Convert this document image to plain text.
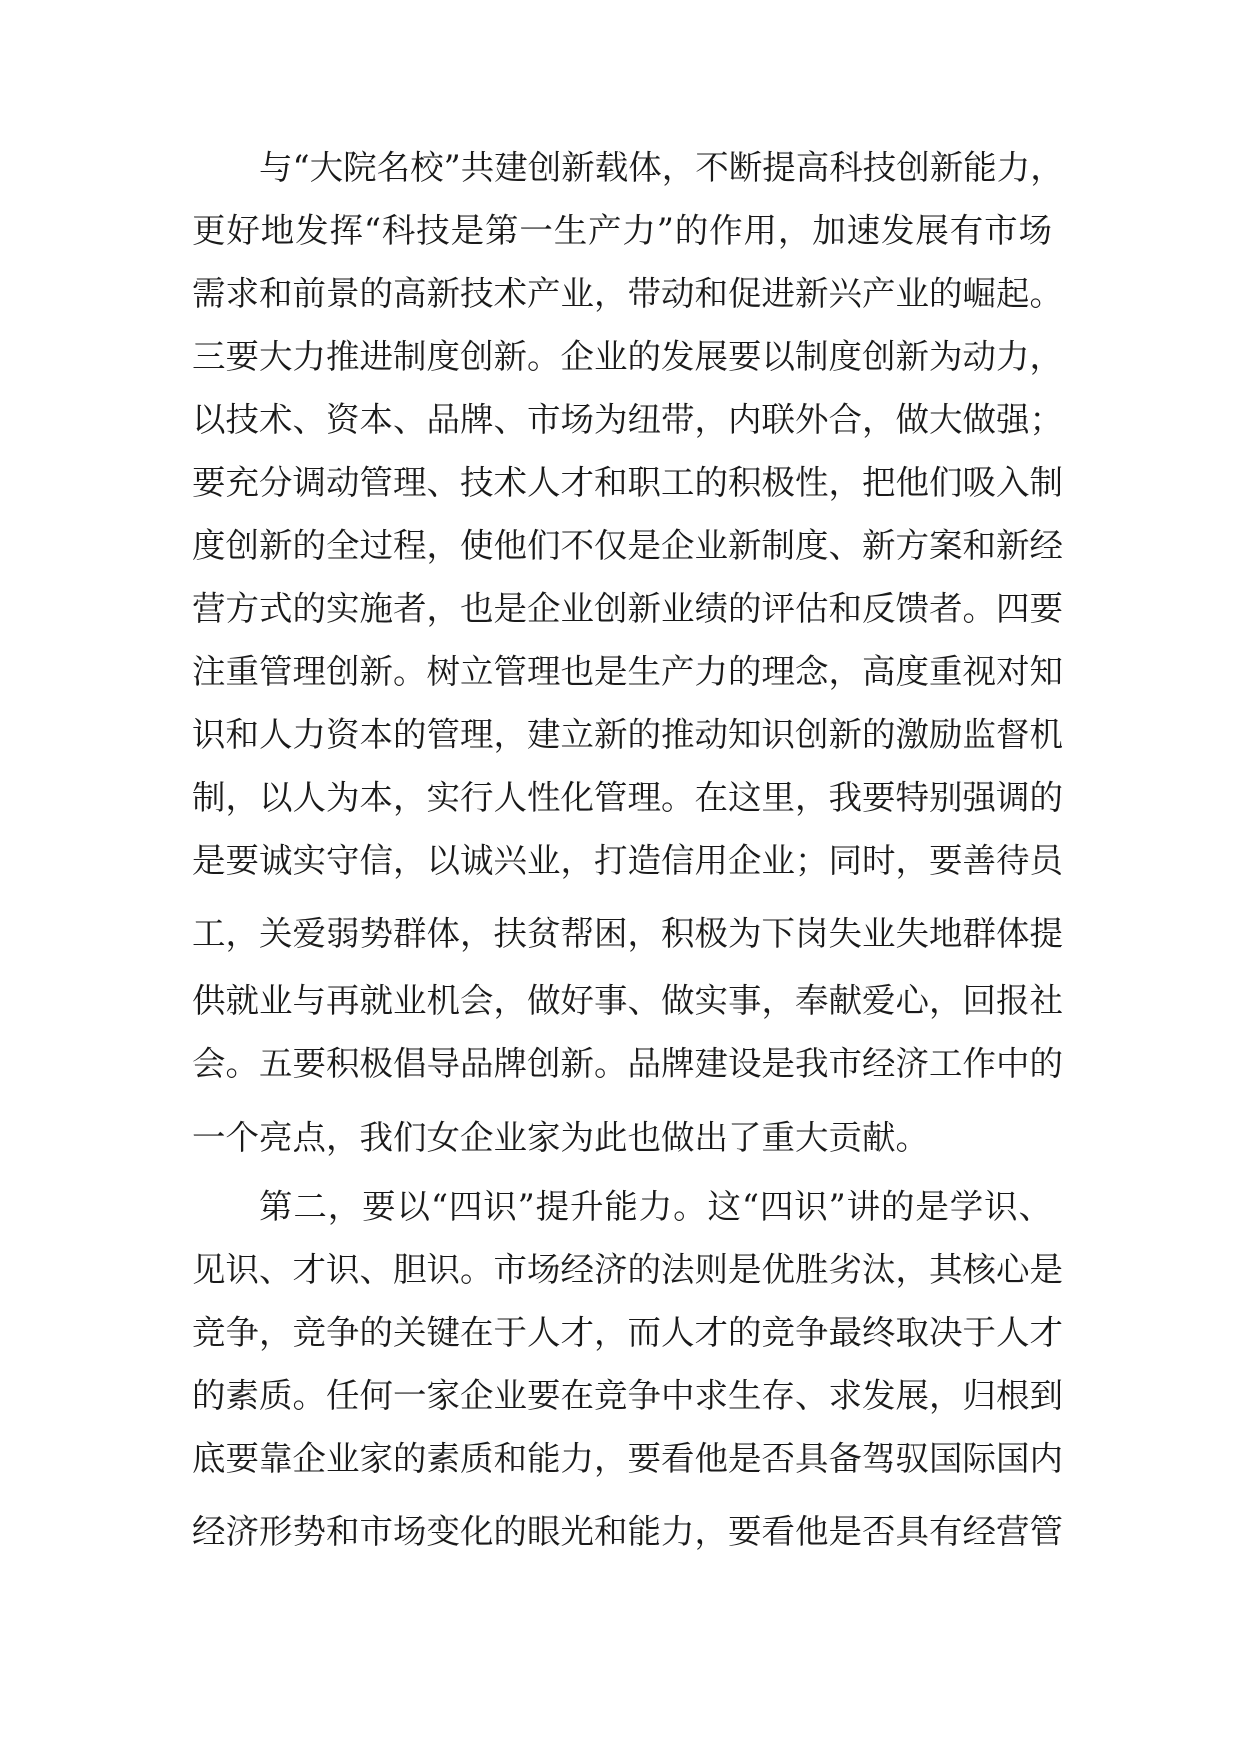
与“大院名校”共建创新载体，不断提高科技创新能力，
更好地发挥“科技是第一生产力”的作用，加速发展有市场
需求和前景的高新技术产业，带动和促进新兴产业的崛起。
三要大力推进制度创新。企业的发展要以制度创新为动力，
以技术、资本、品牌、市场为纽带，内联外合，做大做强；
要充分调动管理、技术人才和职工的积极性，把他们吸入制
度创新的全过程，使他们不仅是企业新制度、新方案和新经
营方式的实施者，也是企业创新业绩的评估和反馈者。四要
注重管理创新。树立管理也是生产力的理念，高度重视对知
识和人力资本的管理，建立新的推动知识创新的激励监督机
制，以人为本，实行人性化管理。在这里，我要特别强调的
是要诚实守信，以诚兴业，打造信用企业；同时，要善待员
工，关爱弱势群体，扶贫帮困，积极为下岗失业失地群体提
供就业与再就业机会，做好事、做实事，奉献爱心，回报社
会。五要积极倡导品牌创新。品牌建设是我市经济工作中的
一个亮点，我们女企业家为此也做出了重大贡献。
第二，要以“四识”提升能力。这“四识”讲的是学识、
见识、才识、胆识。市场经济的法则是优胜劣汰，其核心是
竞争，竞争的关键在于人才，而人才的竞争最终取决于人才
的素质。任何一家企业要在竞争中求生存、求发展，归根到
底要靠企业家的素质和能力，要看他是否具备驾驭国际国内
经济形势和市场变化的眼光和能力，要看他是否具有经营管
